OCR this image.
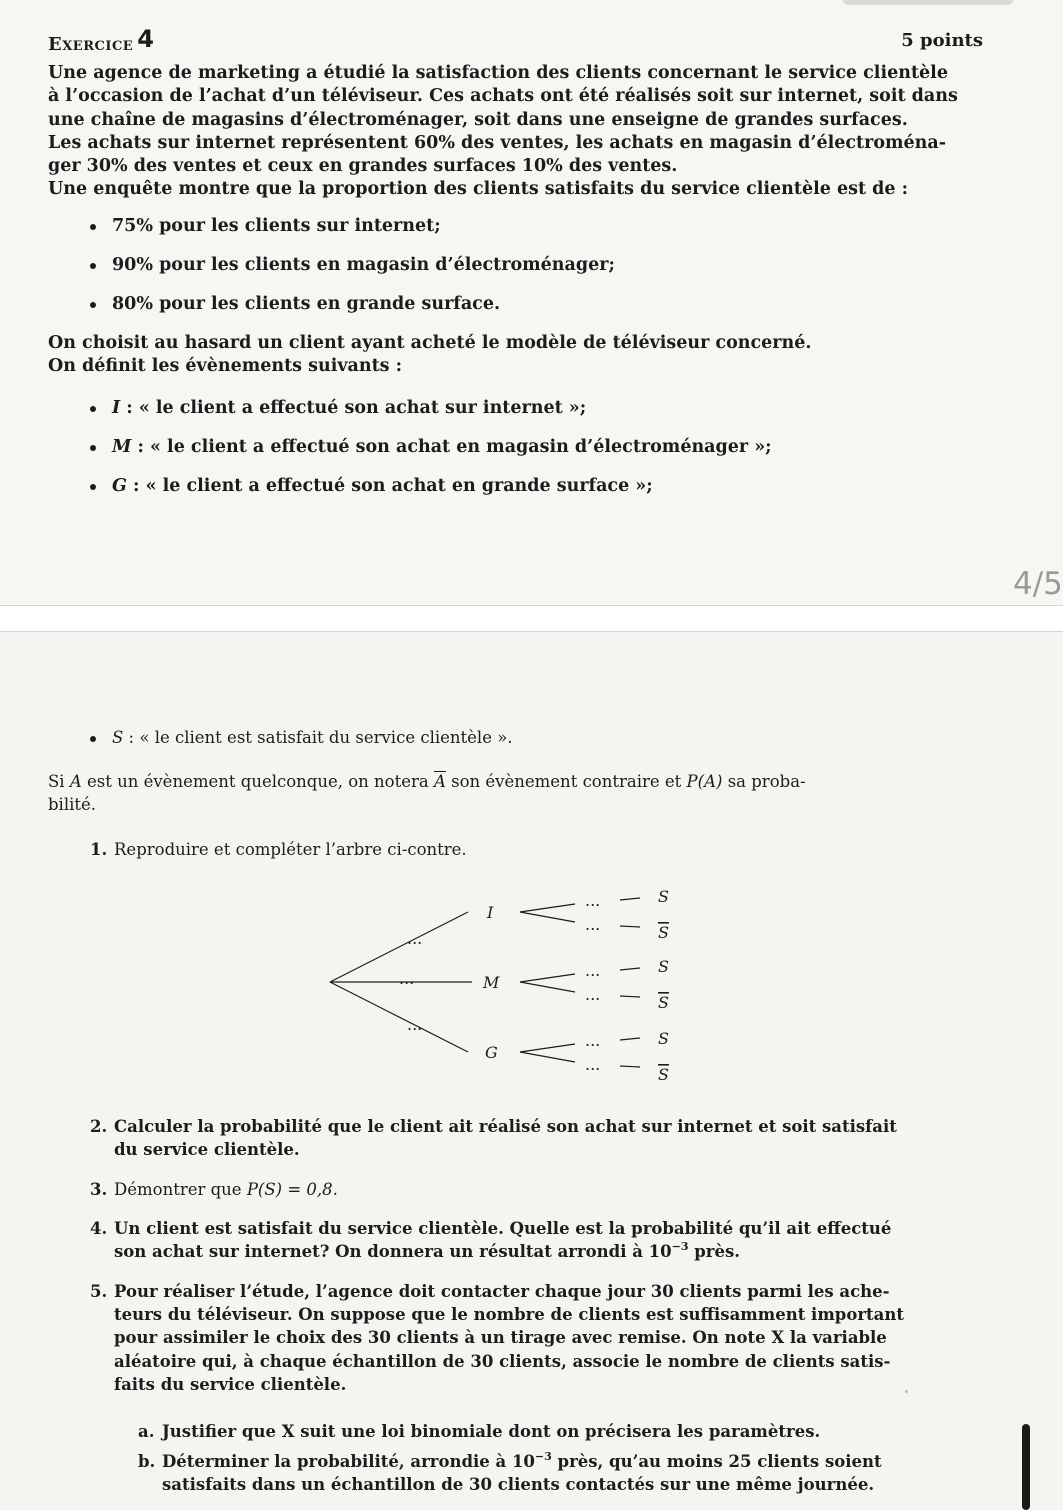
4/5
Exercice 4	5 points
Une agence de marketing a étudié la satisfaction des clients concernant le service clientèle
à l’occasion de l’achat d’un téléviseur. Ces achats ont été réalisés soit sur internet, soit dans
une chaîne de magasins d’électroménager, soit dans une enseigne de grandes surfaces.
Les achats sur internet représentent 60% des ventes, les achats en magasin d’électroména-
ger 30% des ventes et ceux en grandes surfaces 10% des ventes.
Une enquête montre que la proportion des clients satisfaits du service clientèle est de :
75% pour les clients sur internet;
90% pour les clients en magasin d’électroménager;
80% pour les clients en grande surface.
On choisit au hasard un client ayant acheté le modèle de téléviseur concerné.
On définit les évènements suivants :
I : « le client a effectué son achat sur internet »;
M : « le client a effectué son achat en magasin d’électroménager »;
G : « le client a effectué son achat en grande surface »;
S : « le client est satisfait du service clientèle ».
Si A est un évènement quelconque, on notera $\overline{A}$ son évènement contraire et P(A) sa proba-
bilité.
1. Reproduire et compléter l’arbre ci-contre.
I
M
G
...
...
...
...
...
...
...
...
...
S
S
S
S
S
S
2. Calculer la probabilité que le client ait réalisé son achat sur internet et soit satisfait
du service clientèle.
3. Démontrer que P(S) = 0,8.
4. Un client est satisfait du service clientèle. Quelle est la probabilité qu’il ait effectué
son achat sur internet? On donnera un résultat arrondi à $10^{-3}$ près.
5. Pour réaliser l’étude, l’agence doit contacter chaque jour 30 clients parmi les ache-
teurs du téléviseur. On suppose que le nombre de clients est suffisamment important
pour assimiler le choix des 30 clients à un tirage avec remise. On note X la variable
aléatoire qui, à chaque échantillon de 30 clients, associe le nombre de clients satis-
faits du service clientèle.
a. Justifier que X suit une loi binomiale dont on précisera les paramètres.
b. Déterminer la probabilité, arrondie à $10^{-3}$ près, qu’au moins 25 clients soient
satisfaits dans un échantillon de 30 clients contactés sur une même journée.
